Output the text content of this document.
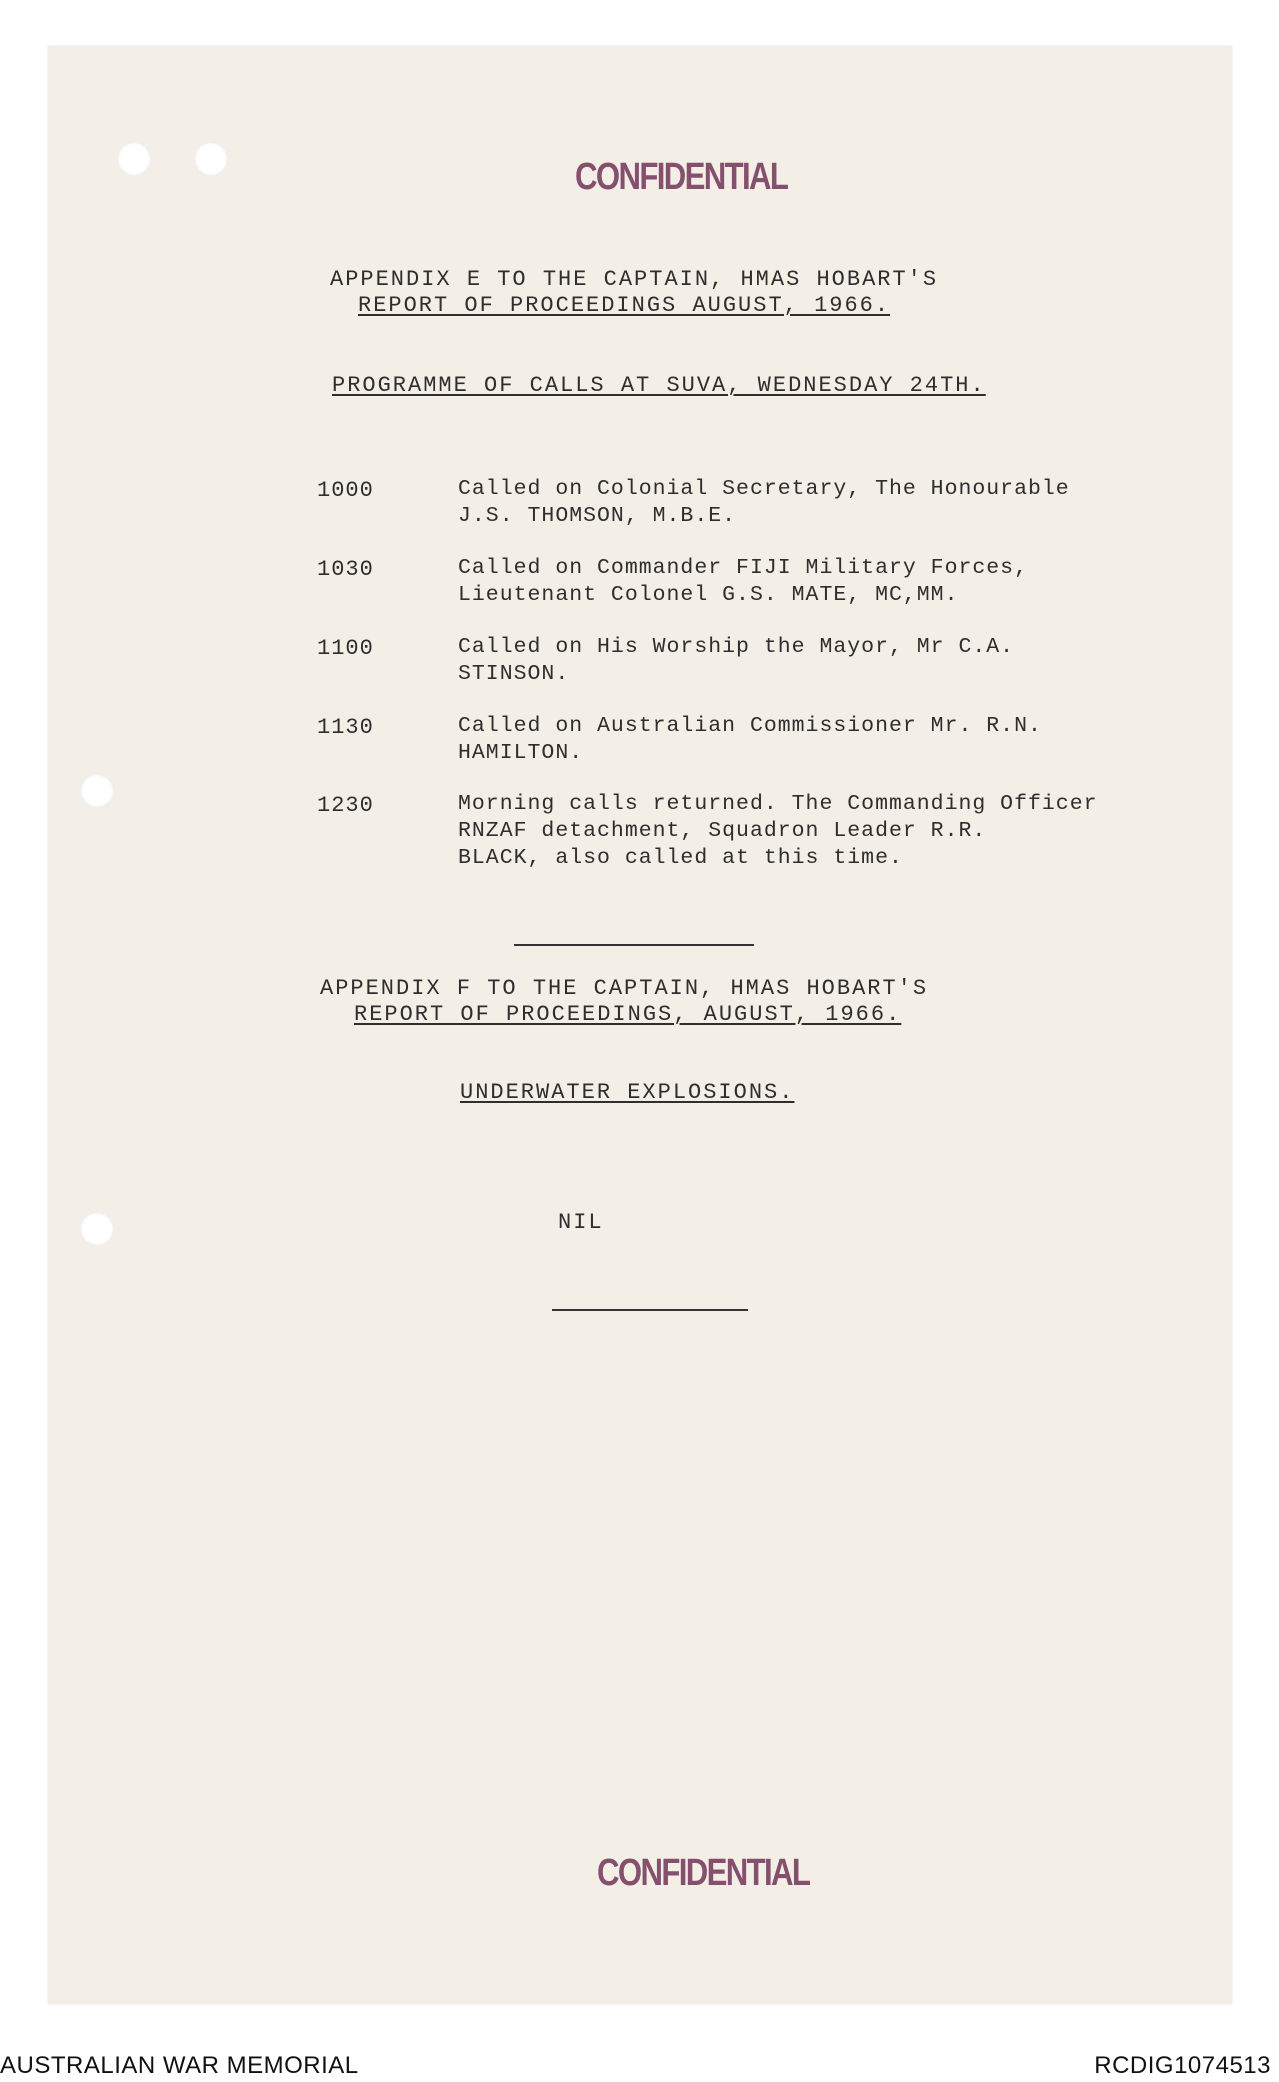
CONFIDENTIAL
APPENDIX E TO THE CAPTAIN, HMAS HOBART'S
REPORT OF PROCEEDINGS AUGUST, 1966.
PROGRAMME OF CALLS AT SUVA, WEDNESDAY 24TH.
1000	Called on Colonial Secretary, The Honourable
J.S. THOMSON, M.B.E.
1030	Called on Commander FIJI Military Forces,
Lieutenant Colonel G.S. MATE, MC,MM.
1100	Called on His Worship the Mayor, Mr C.A.
STINSON.
1130	Called on Australian Commissioner Mr. R.N.
HAMILTON.
1230	Morning calls returned. The Commanding Officer
RNZAF detachment, Squadron Leader R.R.
BLACK, also called at this time.
APPENDIX F TO THE CAPTAIN, HMAS HOBART'S
REPORT OF PROCEEDINGS, AUGUST, 1966.
UNDERWATER EXPLOSIONS.
NIL
CONFIDENTIAL
AUSTRALIAN WAR MEMORIAL	RCDIG1074513
